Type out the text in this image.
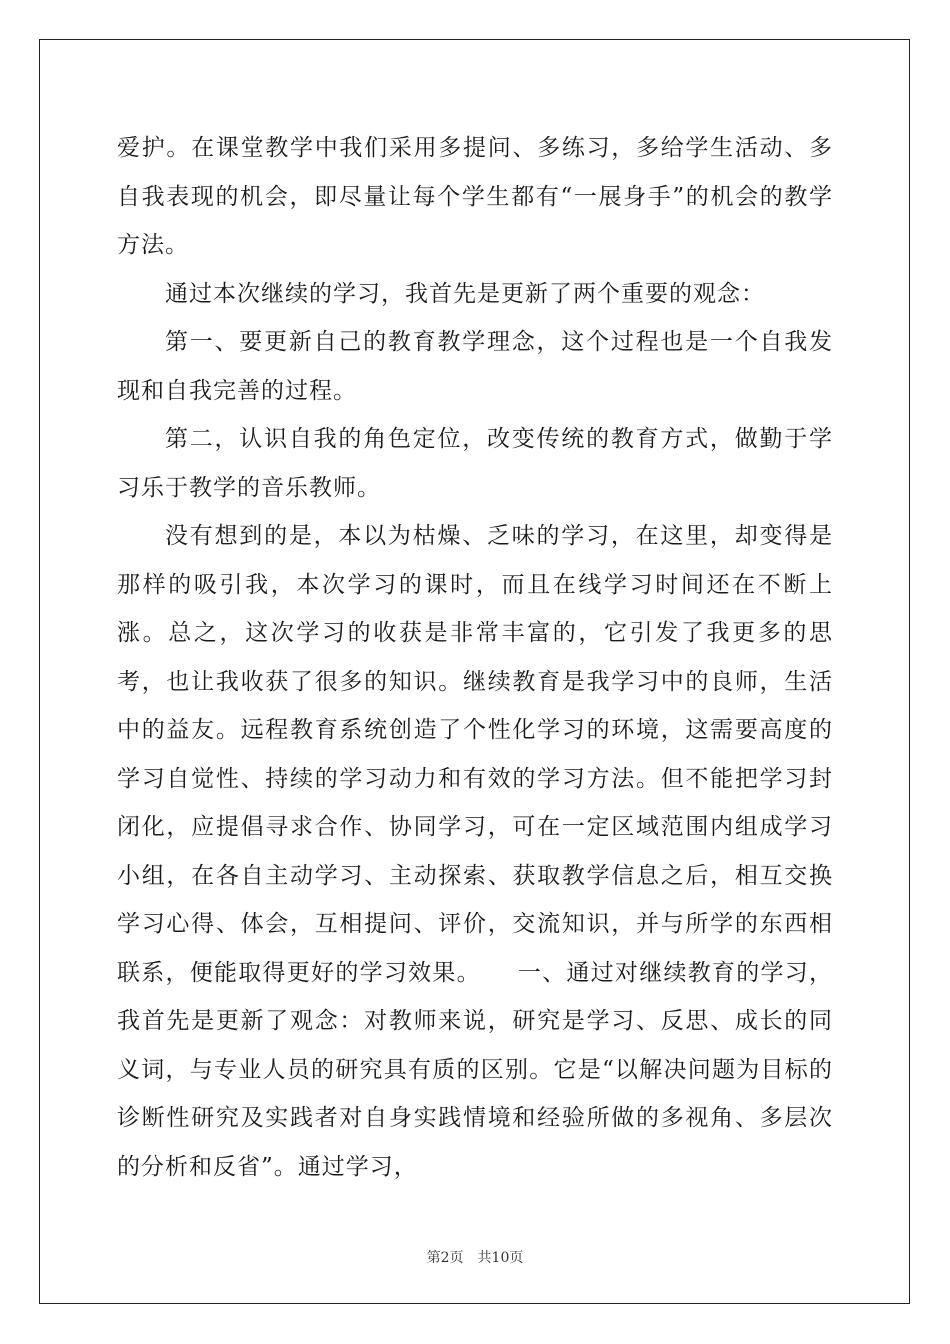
爱护。在课堂教学中我们采用多提问、多练习，多给学生活动、多自我表现的机会，即尽量让每个学生都有“一展身手”的机会的教学方法。

通过本次继续的学习，我首先是更新了两个重要的观念：

第一、要更新自己的教育教学理念，这个过程也是一个自我发现和自我完善的过程。

第二，认识自我的角色定位，改变传统的教育方式，做勤于学习乐于教学的音乐教师。

没有想到的是，本以为枯燥、乏味的学习，在这里，却变得是那样的吸引我，本次学习的课时，而且在线学习时间还在不断上涨。总之，这次学习的收获是非常丰富的，它引发了我更多的思考，也让我收获了很多的知识。继续教育是我学习中的良师，生活中的益友。远程教育系统创造了个性化学习的环境，这需要高度的学习自觉性、持续的学习动力和有效的学习方法。但不能把学习封闭化，应提倡寻求合作、协同学习，可在一定区域范围内组成学习小组，在各自主动学习、主动探索、获取教学信息之后，相互交换学习心得、体会，互相提问、评价，交流知识，并与所学的东西相联系，便能取得更好的学习效果。　　一、通过对继续教育的学习，我首先是更新了观念：对教师来说，研究是学习、反思、成长的同义词，与专业人员的研究具有质的区别。它是“以解决问题为目标的诊断性研究及实践者对自身实践情境和经验所做的多视角、多层次的分析和反省”。通过学习，

第2页 共10页
